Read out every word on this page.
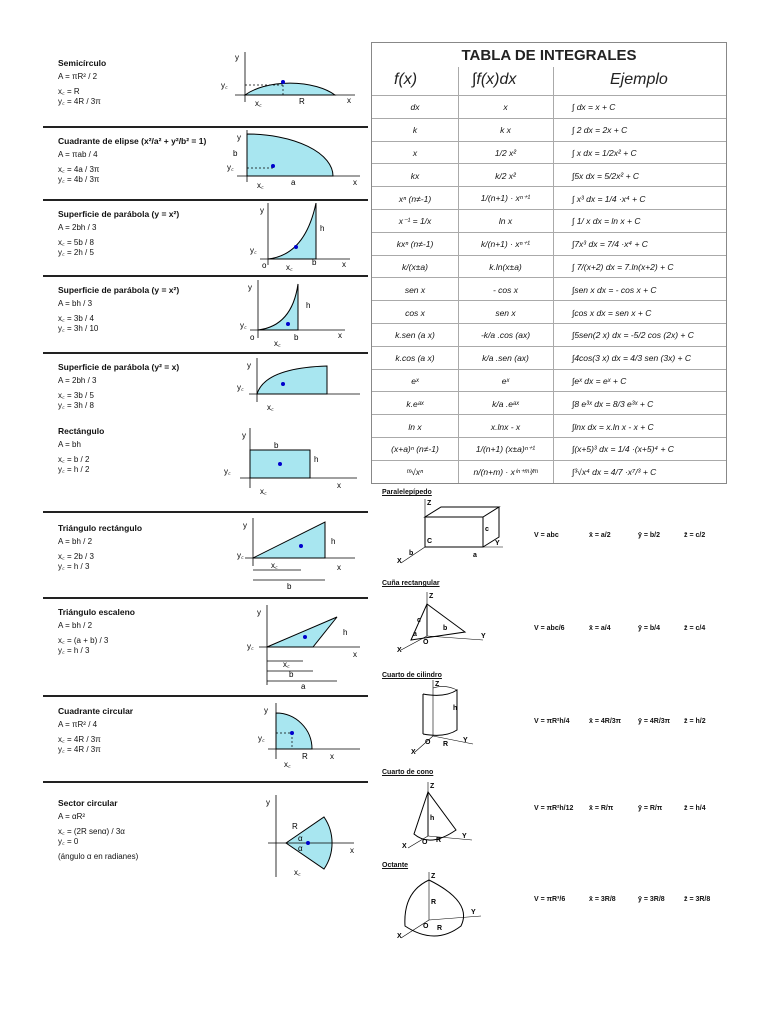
Semicírculo
A = πR² / 2
x꜀ = R
y꜀ = 4R / 3π
Cuadrante de elipse (x²/a² + y²/b² = 1)
A = πab / 4
x꜀ = 4a / 3π
y꜀ = 4b / 3π
Superficie de parábola (y = x²)
A = 2bh / 3
x꜀ = 5b / 8
y꜀ = 2h / 5
Superficie de parábola (y = x²)
A = bh / 3
x꜀ = 3b / 4
y꜀ = 3h / 10
Superficie de parábola (y² = x)
A = 2bh / 3
x꜀ = 3b / 5
y꜀ = 3h / 8
Rectángulo
A = bh
x꜀ = b / 2
y꜀ = h / 2
Triángulo rectángulo
A = bh / 2
x꜀ = 2b / 3
y꜀ = h / 3
Triángulo escaleno
A = bh / 2
x꜀ = (a + b) / 3
y꜀ = h / 3
Cuadrante circular
A = πR² / 4
x꜀ = 4R / 3π
y꜀ = 4R / 3π
Sector circular
A = αR²
x꜀ = (2R senα) / 3α
y꜀ = 0
(ángulo α en radianes)
y
y꜀
x꜀	R	x
y
y꜀
b
x꜀	a	x
y
h
y꜀
o x꜀
b	x
y
h
y꜀
o
x꜀
b	x
y
y꜀
x꜀
y
b
h
y꜀
x꜀
x
y
h
y꜀
x꜀
b
x
y
h
y꜀
x꜀
b
a
x
y
y꜀
R
x꜀
x
y
R
α
α
x꜀
x
TABLA DE INTEGRALES
f(x)	∫f(x)dx	Ejemplo
dx	x	∫ dx = x + C
k	k x	∫ 2 dx = 2x + C
x	1/2 x²	∫ x dx = 1/2x² + C
kx	k/2 x²	∫5x dx = 5/2x² + C
xⁿ (n≠-1)	1/(n+1) · xⁿ⁺¹	∫ x³ dx = 1/4 ·x⁴ + C
x⁻¹ = 1/x	ln x	∫ 1/ x dx = ln x + C
kxⁿ (n≠-1)	k/(n+1) · xⁿ⁺¹	∫7x³ dx = 7/4 ·x⁴ + C
k/(x±a)	k.ln(x±a)	∫ 7/(x+2) dx = 7.ln(x+2) + C
sen x	- cos x	∫sen x dx = - cos x + C
cos x	sen x	∫cos x dx = sen x + C
k.sen (a x)	-k/a .cos (ax)	∫5sen(2 x) dx = -5/2 cos (2x) + C
k.cos (a x)	k/a .sen (ax)	∫4cos(3 x) dx = 4/3 sen (3x) + C
eˣ	eˣ	∫eˣ dx = eˣ + C
k.eᵃˣ	k/a .eᵃˣ	∫8 e³ˣ dx = 8/3 e³ˣ + C
ln x	x.lnx - x	∫lnx dx = x.ln x - x + C
(x+a)ⁿ (n≠-1)	1/(n+1) (x±a)ⁿ⁺¹	∫(x+5)³ dx = 1/4 ·(x+5)⁴ + C
ᵐ√xⁿ	n/(n+m) · x⁽ⁿ⁺ᵐ⁾/ᵐ	∫³√x⁴ dx = 4/7 ·x⁷/³ + C
Paralelepípedo
V = abc	x̄ = a/2	ȳ = b/2	z̄ = c/2
Cuña rectangular
V = abc/6	x̄ = a/4	ȳ = b/4	z̄ = c/4
Cuarto de cilindro
V = πR²h/4	x̄ = 4R/3π ȳ = 4R/3π z̄ = h/2
Cuarto de cono
V = πR²h/12 x̄ = R/π	ȳ = R/π	z̄ = h/4
Octante
V = πR³/6	x̄ = 3R/8	ȳ = 3R/8	z̄ = 3R/8
Z
X
Y
c
a
b
C
Z
X
Y
c
O
b
a
Z
X
Y
h
O R
Z
X
Y
h
O R
Z
X
Y
R
R
O
